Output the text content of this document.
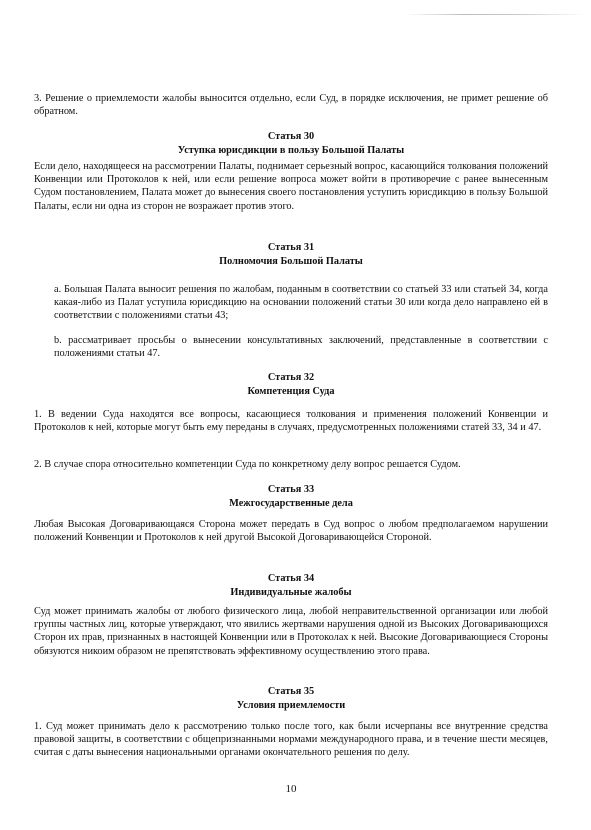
3. Решение о приемлемости жалобы выносится отдельно, если Суд, в порядке исключения, не примет решение об обратном.
Статья 30
Уступка юрисдикции в пользу Большой Палаты
Если дело, находящееся на рассмотрении Палаты, поднимает серьезный вопрос, касающийся толкования положений Конвенции или Протоколов к ней, или если решение вопроса может войти в противоречие с ранее вынесенным Судом постановлением, Палата может до вынесения своего постановления уступить юрисдикцию в пользу Большой Палаты, если ни одна из сторон не возражает против этого.
Статья 31
Полномочия Большой Палаты
a. Большая Палата выносит решения по жалобам, поданным в соответствии со статьей 33 или статьей 34, когда какая-либо из Палат уступила юрисдикцию на основании положений статьи 30 или когда дело направлено ей в соответствии с положениями статьи 43;
b. рассматривает просьбы о вынесении консультативных заключений, представленные в соответствии с положениями статьи 47.
Статья 32
Компетенция Суда
1. В ведении Суда находятся все вопросы, касающиеся толкования и применения положений Конвенции и Протоколов к ней, которые могут быть ему переданы в случаях, предусмотренных положениями статей 33, 34 и 47.
2. В случае спора относительно компетенции Суда по конкретному делу вопрос решается Судом.
Статья 33
Межгосударственные дела
Любая Высокая Договаривающаяся Сторона может передать в Суд вопрос о любом предполагаемом нарушении положений Конвенции и Протоколов к ней другой Высокой Договаривающейся Стороной.
Статья 34
Индивидуальные жалобы
Суд может принимать жалобы от любого физического лица, любой неправительственной организации или любой группы частных лиц, которые утверждают, что явились жертвами нарушения одной из Высоких Договаривающихся Сторон их прав, признанных в настоящей Конвенции или в Протоколах к ней. Высокие Договаривающиеся Стороны обязуются никоим образом не препятствовать эффективному осуществлению этого права.
Статья 35
Условия приемлемости
1. Суд может принимать дело к рассмотрению только после того, как были исчерпаны все внутренние средства правовой защиты, в соответствии с общепризнанными нормами международного права, и в течение шести месяцев, считая с даты вынесения национальными органами окончательного решения по делу.
10
